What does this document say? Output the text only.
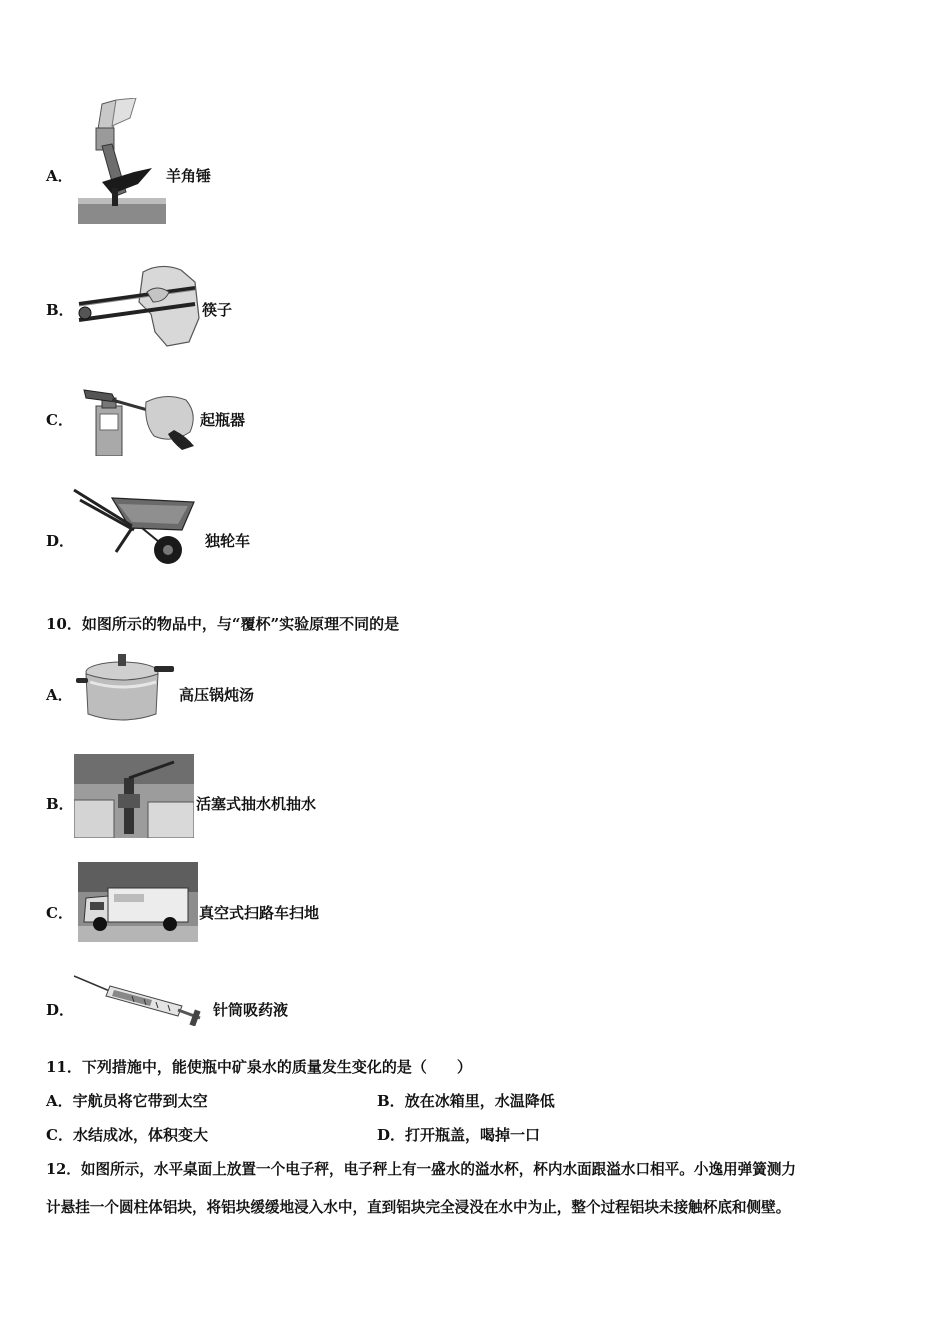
A．	羊角锤
B．	筷子
C．	起瓶器
D．	独轮车
10．如图所示的物品中，与“覆杯”实验原理不同的是
A．	高压锅炖汤
B．	活塞式抽水机抽水
C．	真空式扫路车扫地
D．	针筒吸药液
11．下列措施中，能使瓶中矿泉水的质量发生变化的是（　　）
A．宇航员将它带到太空	B．放在冰箱里，水温降低
C．水结成冰，体积变大	D．打开瓶盖，喝掉一口
12．如图所示，水平桌面上放置一个电子秤，电子秤上有一盛水的溢水杯，杯内水面跟溢水口相平。小逸用弹簧测力
计悬挂一个圆柱体铝块，将铝块缓缓地浸入水中，直到铝块完全浸没在水中为止，整个过程铝块未接触杯底和侧壁。
